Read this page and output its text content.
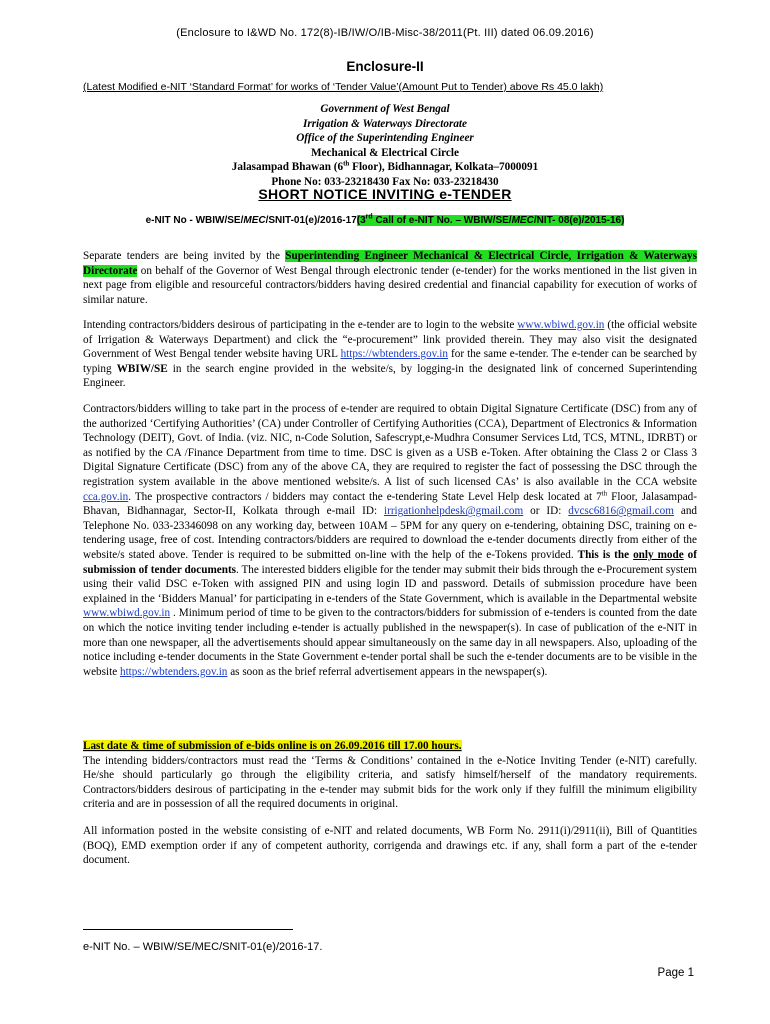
(Enclosure to I&WD No. 172(8)-IB/IW/O/IB-Misc-38/2011(Pt. III) dated 06.09.2016)
Enclosure-II
(Latest Modified e-NIT ‘Standard Format’ for works of ‘Tender Value’(Amount Put to Tender) above Rs 45.0 lakh)
Government of West Bengal
Irrigation & Waterways Directorate
Office of the Superintending Engineer
Mechanical & Electrical Circle
Jalasampad Bhawan (6th Floor), Bidhannagar, Kolkata–7000091
Phone No: 033-23218430 Fax No: 033-23218430
SHORT NOTICE INVITING e-TENDER
e-NIT No - WBIW/SE/MEC/SNIT-01(e)/2016-17(3rd Call of e-NIT No. – WBIW/SE/MEC/NIT- 08(e)/2015-16)
Separate tenders are being invited by the Superintending Engineer Mechanical & Electrical Circle, Irrigation & Waterways Directorate on behalf of the Governor of West Bengal through electronic tender (e-tender) for the works mentioned in the list given in next page from eligible and resourceful contractors/bidders having desired credential and financial capability for execution of works of similar nature.
Intending contractors/bidders desirous of participating in the e-tender are to login to the website www.wbiwd.gov.in (the official website of Irrigation & Waterways Department) and click the “e-procurement” link provided therein. They may also visit the designated Government of West Bengal tender website having URL https://wbtenders.gov.in for the same e-tender. The e-tender can be searched by typing WBIW/SE in the search engine provided in the website/s, by logging-in the designated link of concerned Superintending Engineer.
Contractors/bidders willing to take part in the process of e-tender are required to obtain Digital Signature Certificate (DSC) from any of the authorized ‘Certifying Authorities’ (CA) under Controller of Certifying Authorities (CCA), Department of Electronics & Information Technology (DEIT), Govt. of India. (viz. NIC, n-Code Solution, Safescrypt,e-Mudhra Consumer Services Ltd, TCS, MTNL, IDRBT) or as notified by the CA /Finance Department from time to time. DSC is given as a USB e-Token. After obtaining the Class 2 or Class 3 Digital Signature Certificate (DSC) from any of the above CA, they are required to register the fact of possessing the DSC through the registration system available in the above mentioned website/s. A list of such licensed CAs’ is also available in the CCA website cca.gov.in. The prospective contractors / bidders may contact the e-tendering State Level Help desk located at 7th Floor, Jalasampad- Bhavan, Bidhannagar, Sector-II, Kolkata through e-mail ID: irrigationhelpdesk@gmail.com or ID: dvcsc6816@gmail.com and Telephone No. 033-23346098 on any working day, between 10AM – 5PM for any query on e-tendering, obtaining DSC, training on e-tendering usage, free of cost. Intending contractors/bidders are required to download the e-tender documents directly from either of the website/s stated above. Tender is required to be submitted on-line with the help of the e-Tokens provided. This is the only mode of submission of tender documents. The interested bidders eligible for the tender may submit their bids through the e-Procurement system using their valid DSC e-Token with assigned PIN and using login ID and password. Details of submission procedure have been explained in the ‘Bidders Manual’ for participating in e-tenders of the State Government, which is available in the Departmental website www.wbiwd.gov.in . Minimum period of time to be given to the contractors/bidders for submission of e-tenders is counted from the date on which the notice inviting tender including e-tender is actually published in the newspaper(s). In case of publication of the e-NIT in more than one newspaper, all the advertisements should appear simultaneously on the same day in all newspapers. Also, uploading of the notice including e-tender documents in the State Government e-tender portal shall be such the e-tender documents are to be visible in the website https://wbtenders.gov.in as soon as the brief referral advertisement appears in the newspaper(s).
Last date & time of submission of e-bids online is on 26.09.2016 till 17.00 hours.
The intending bidders/contractors must read the ‘Terms & Conditions’ contained in the e-Notice Inviting Tender (e-NIT) carefully. He/she should particularly go through the eligibility criteria, and satisfy himself/herself of the mandatory requirements. Contractors/bidders desirous of participating in the e-tender may submit bids for the work only if they fulfill the minimum eligibility criteria and are in possession of all the required documents in original.
All information posted in the website consisting of e-NIT and related documents, WB Form No. 2911(i)/2911(ii), Bill of Quantities (BOQ), EMD exemption order if any of competent authority, corrigenda and drawings etc. if any, shall form a part of the e-tender document.
e-NIT No. – WBIW/SE/MEC/SNIT-01(e)/2016-17.
Page 1
